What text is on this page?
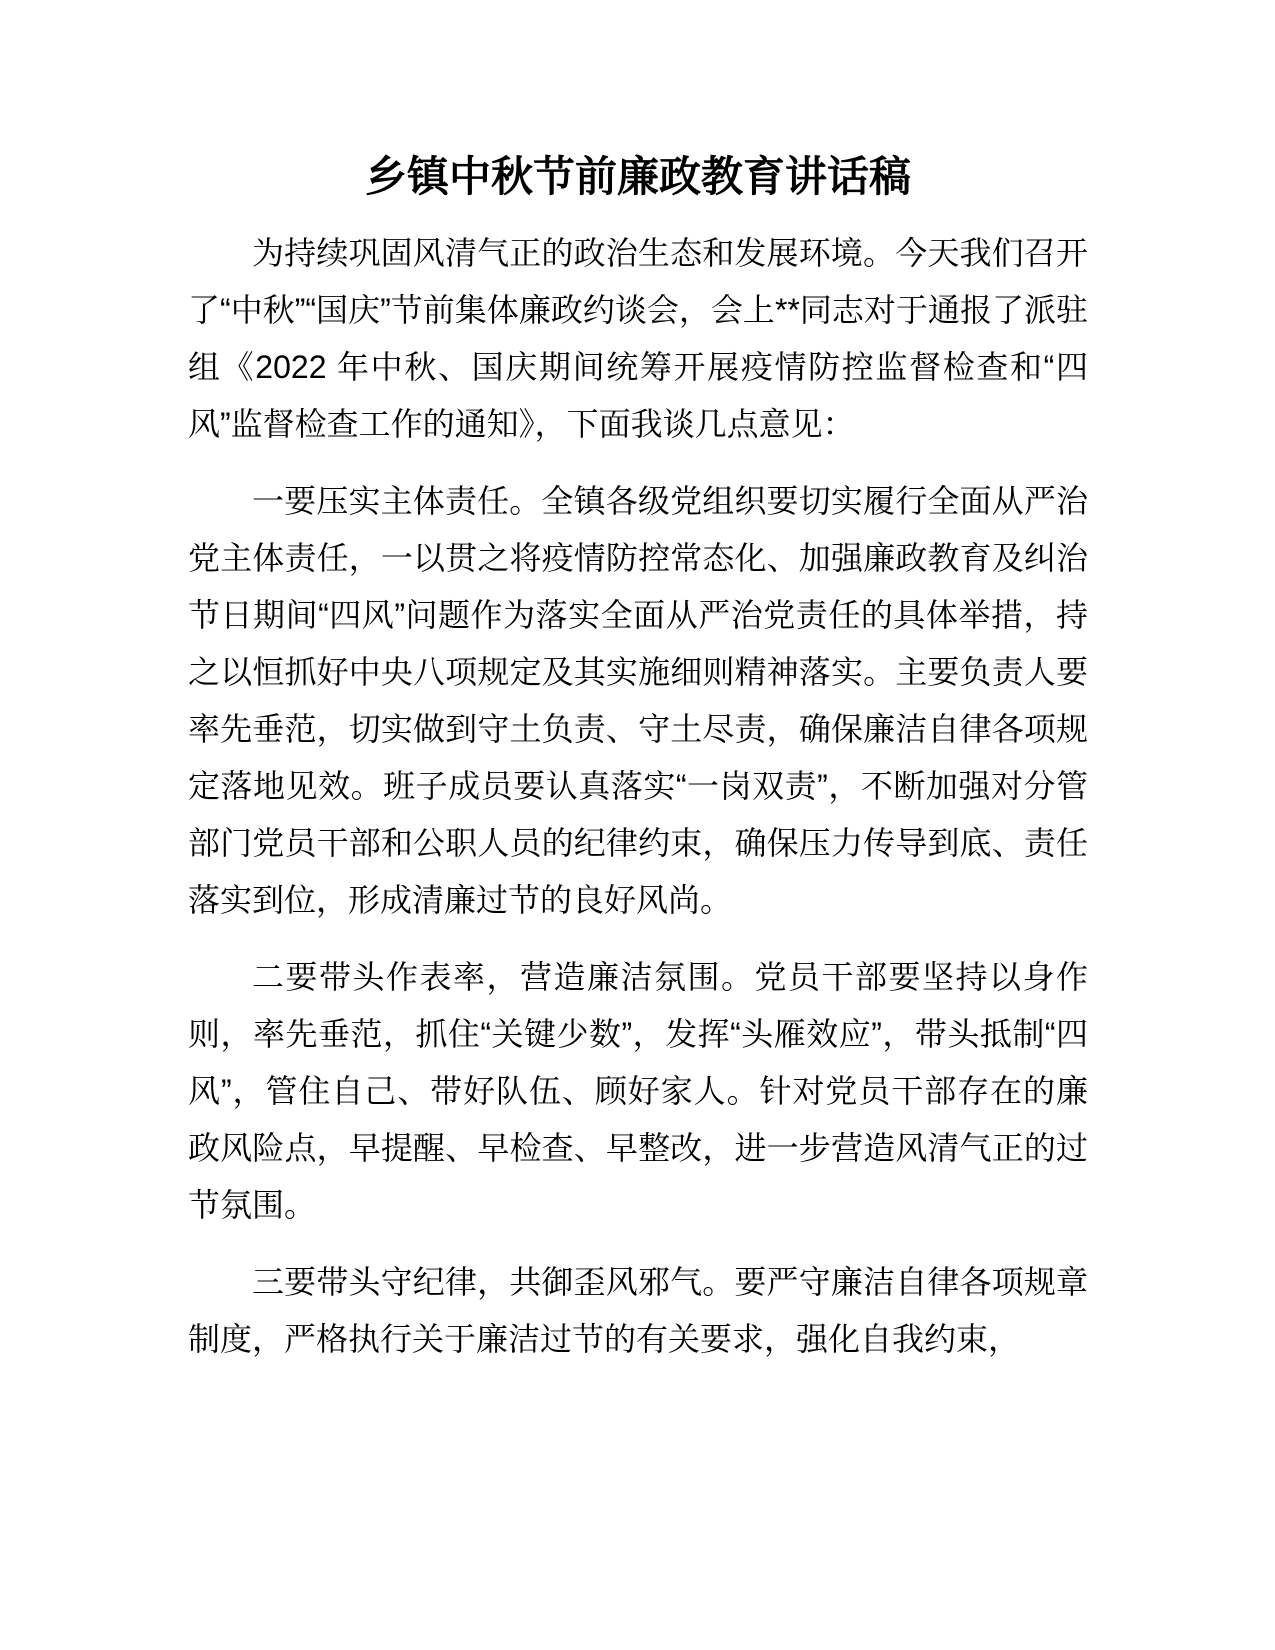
乡镇中秋节前廉政教育讲话稿

为持续巩固风清气正的政治生态和发展环境。今天我们召开了“中秋”“国庆”节前集体廉政约谈会，会上**同志对于通报了派驻组《2022 年中秋、国庆期间统筹开展疫情防控监督检查和“四风”监督检查工作的通知》，下面我谈几点意见：

一要压实主体责任。全镇各级党组织要切实履行全面从严治党主体责任，一以贯之将疫情防控常态化、加强廉政教育及纠治节日期间“四风”问题作为落实全面从严治党责任的具体举措，持之以恒抓好中央八项规定及其实施细则精神落实。主要负责人要率先垂范，切实做到守土负责、守土尽责，确保廉洁自律各项规定落地见效。班子成员要认真落实“一岗双责”，不断加强对分管部门党员干部和公职人员的纪律约束，确保压力传导到底、责任落实到位，形成清廉过节的良好风尚。

二要带头作表率，营造廉洁氛围。党员干部要坚持以身作则，率先垂范，抓住“关键少数”，发挥“头雁效应”，带头抵制“四风”，管住自己、带好队伍、顾好家人。针对党员干部存在的廉政风险点，早提醒、早检查、早整改，进一步营造风清气正的过节氛围。

三要带头守纪律，共御歪风邪气。要严守廉洁自律各项规章制度，严格执行关于廉洁过节的有关要求，强化自我约束，
